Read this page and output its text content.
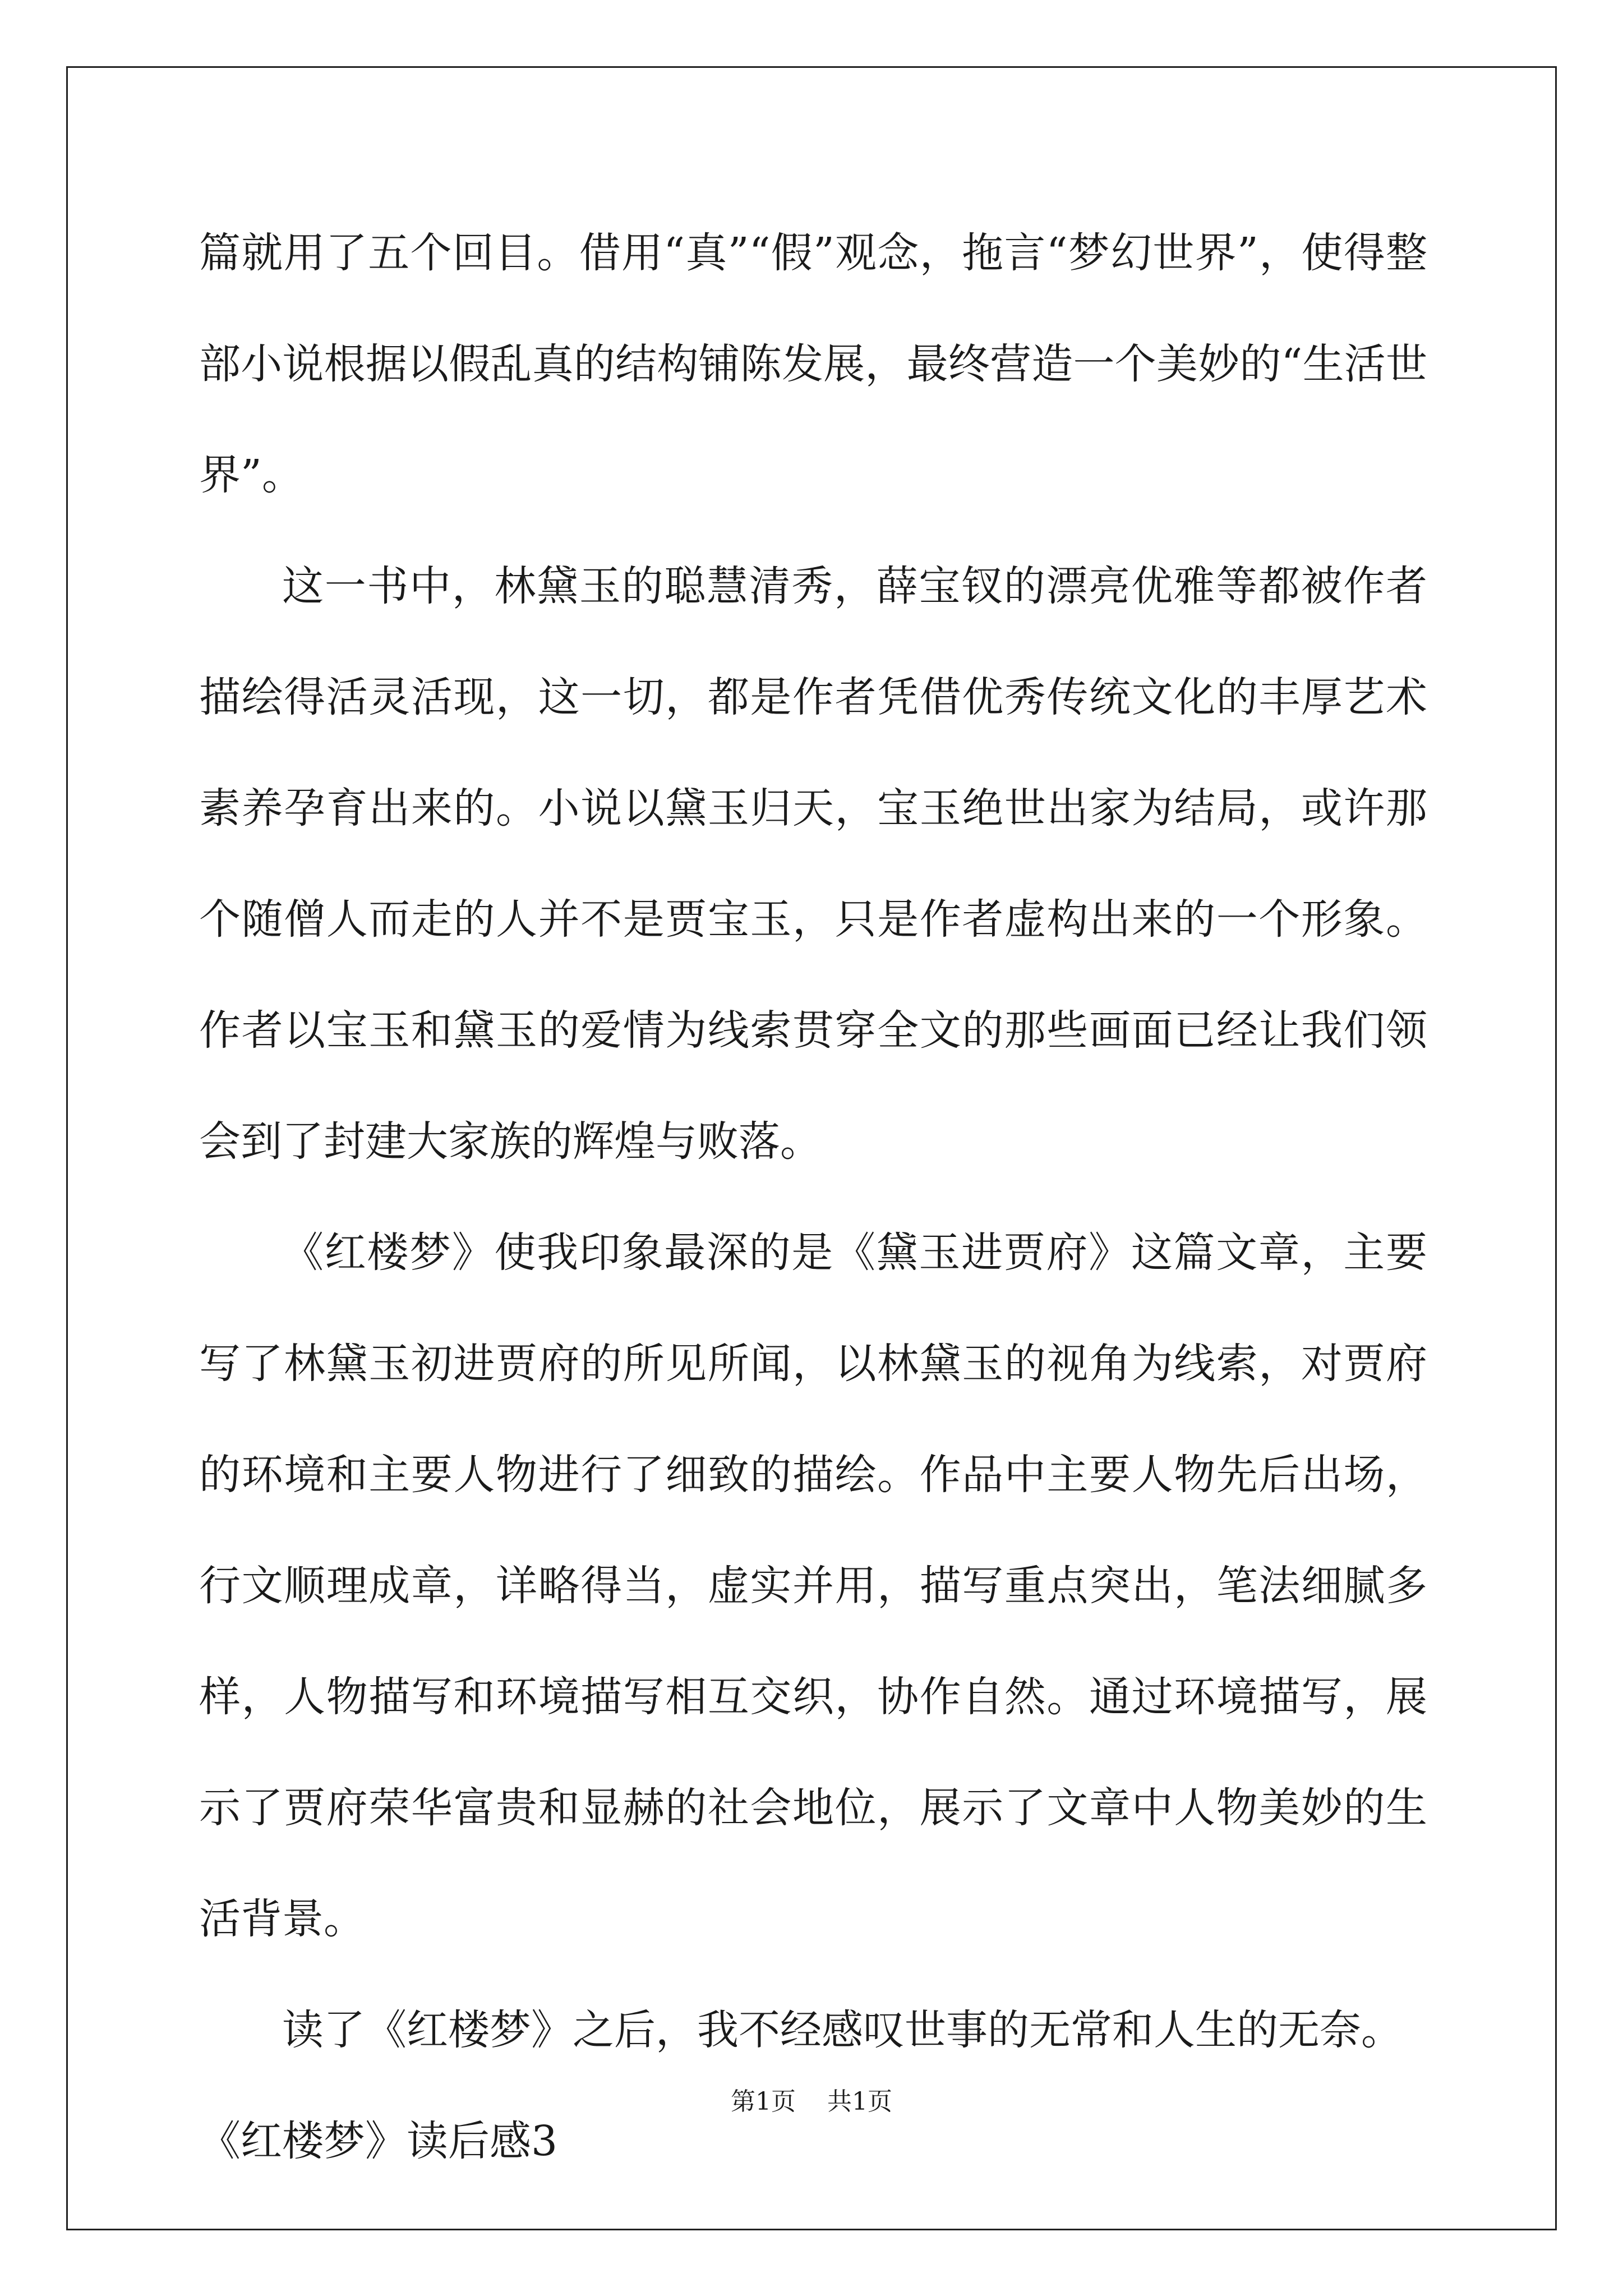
篇就用了五个回目。借用“真”“假”观念，拖言“梦幻世界”，使得整部小说根据以假乱真的结构铺陈发展，最终营造一个美妙的“生活世界”。

这一书中，林黛玉的聪慧清秀，薛宝钗的漂亮优雅等都被作者描绘得活灵活现，这一切，都是作者凭借优秀传统文化的丰厚艺术素养孕育出来的。小说以黛玉归天，宝玉绝世出家为结局，或许那个随僧人而走的人并不是贾宝玉，只是作者虚构出来的一个形象。作者以宝玉和黛玉的爱情为线索贯穿全文的那些画面已经让我们领会到了封建大家族的辉煌与败落。

《红楼梦》使我印象最深的是《黛玉进贾府》这篇文章，主要写了林黛玉初进贾府的所见所闻，以林黛玉的视角为线索，对贾府的环境和主要人物进行了细致的描绘。作品中主要人物先后出场，行文顺理成章，详略得当，虚实并用，描写重点突出，笔法细腻多样，人物描写和环境描写相互交织，协作自然。通过环境描写，展示了贾府荣华富贵和显赫的社会地位，展示了文章中人物美妙的生活背景。

读了《红楼梦》之后，我不经感叹世事的无常和人生的无奈。

《红楼梦》读后感3

第1页    共1页
